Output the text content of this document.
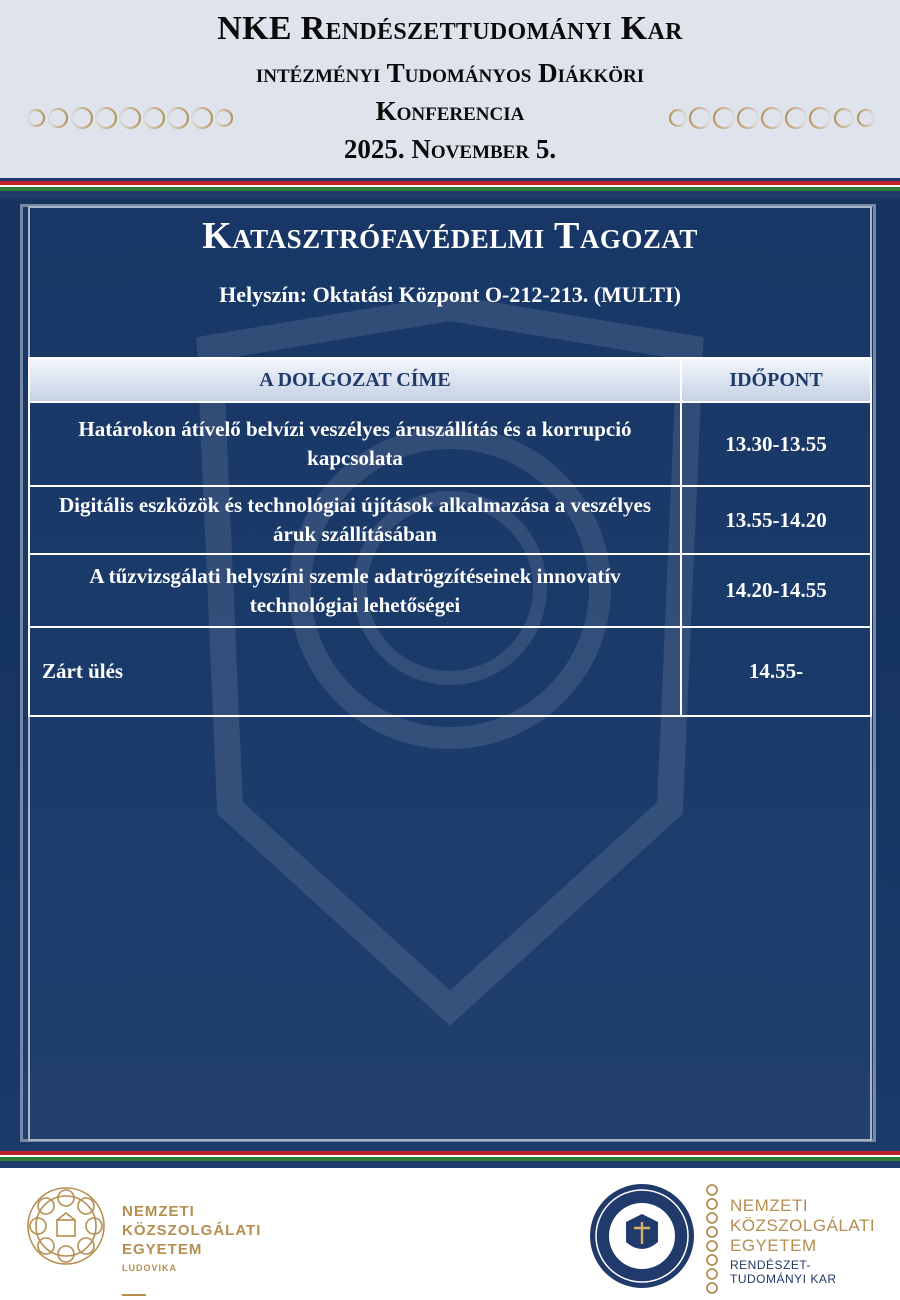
NKE Rendészettudományi Kar
intézményi Tudományos Diákköri
Konferencia
2025. November 5.
Katasztrófavédelmi Tagozat
Helyszín: Oktatási Központ O-212-213. (MULTI)
A DOLGOZAT CÍME	IDŐPONT
Határokon átívelő belvízi veszélyes áruszállítás és a korrupció kapcsolata	13.30-13.55
Digitális eszközök és technológiai újítások alkalmazása a veszélyes áruk szállításában	13.55-14.20
A tűzvizsgálati helyszíni szemle adatrögzítéseinek innovatív technológiai lehetőségei	14.20-14.55
Zárt ülés	14.55-
NEMZETI
KÖZSZOLGÁLATI
EGYETEM
LUDOVIKA
NEMZETI
KÖZSZOLGÁLATI
EGYETEM
RENDÉSZET-
TUDOMÁNYI KAR
